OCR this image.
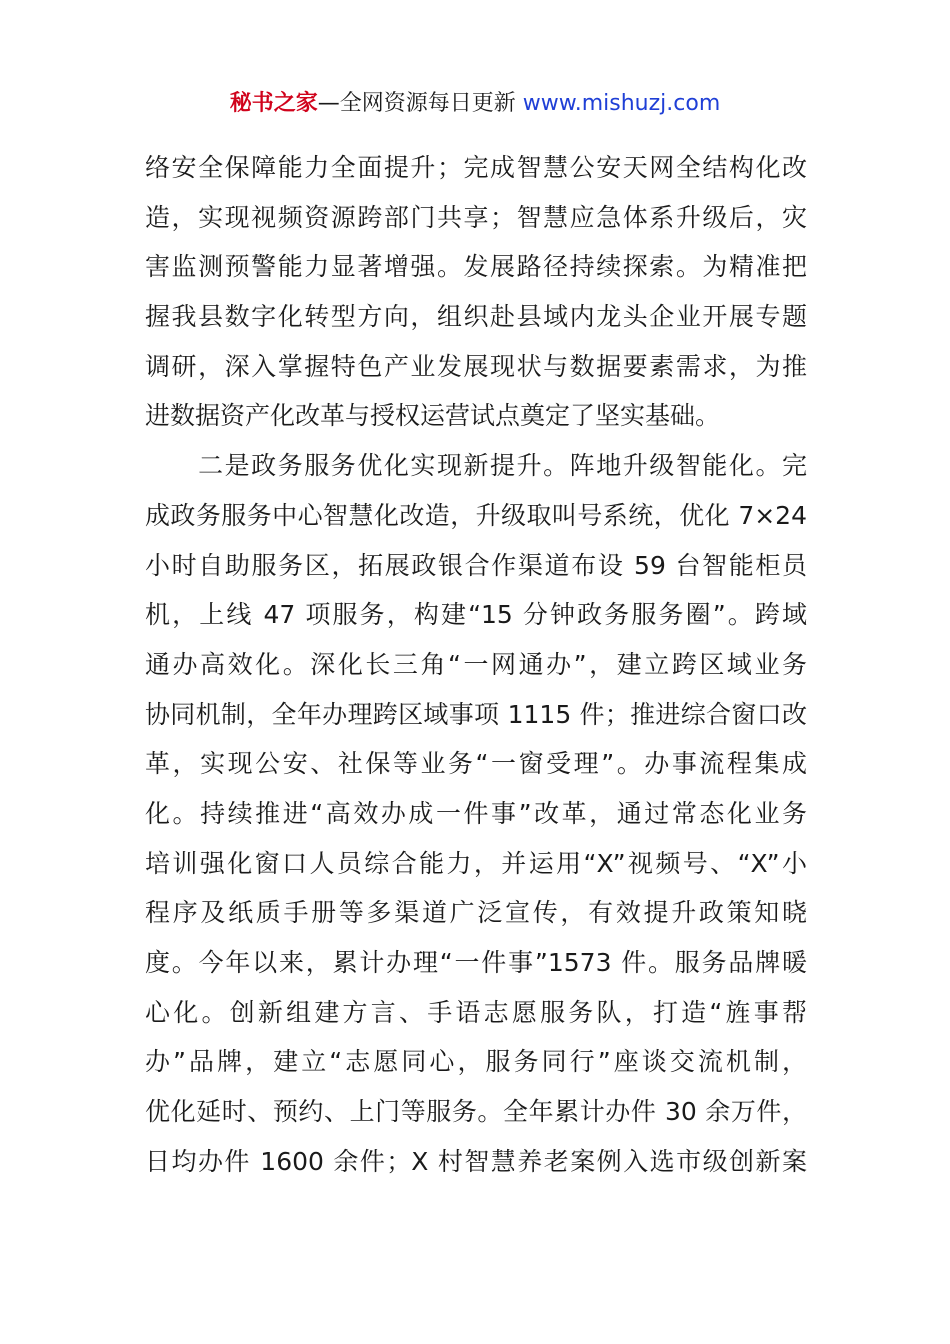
秘书之家—全网资源每日更新 www.mishuzj.com
络安全保障能力全面提升；完成智慧公安天网全结构化改
造，实现视频资源跨部门共享；智慧应急体系升级后，灾
害监测预警能力显著增强。发展路径持续探索。为精准把
握我县数字化转型方向，组织赴县域内龙头企业开展专题
调研，深入掌握特色产业发展现状与数据要素需求，为推
进数据资产化改革与授权运营试点奠定了坚实基础。
　　二是政务服务优化实现新提升。阵地升级智能化。完
成政务服务中心智慧化改造，升级取叫号系统，优化 7×24
小时自助服务区，拓展政银合作渠道布设 59 台智能柜员
机，上线 47 项服务，构建“15 分钟政务服务圈”。跨域
通办高效化。深化长三角“一网通办”，建立跨区域业务
协同机制，全年办理跨区域事项 1115 件；推进综合窗口改
革，实现公安、社保等业务“一窗受理”。办事流程集成
化。持续推进“高效办成一件事”改革，通过常态化业务
培训强化窗口人员综合能力，并运用“X”视频号、“X”小
程序及纸质手册等多渠道广泛宣传，有效提升政策知晓
度。今年以来，累计办理“一件事”1573 件。服务品牌暖
心化。创新组建方言、手语志愿服务队，打造“旌事帮
办”品牌，建立“志愿同心，服务同行”座谈交流机制，
优化延时、预约、上门等服务。全年累计办件 30 余万件，
日均办件 1600 余件；X 村智慧养老案例入选市级创新案
